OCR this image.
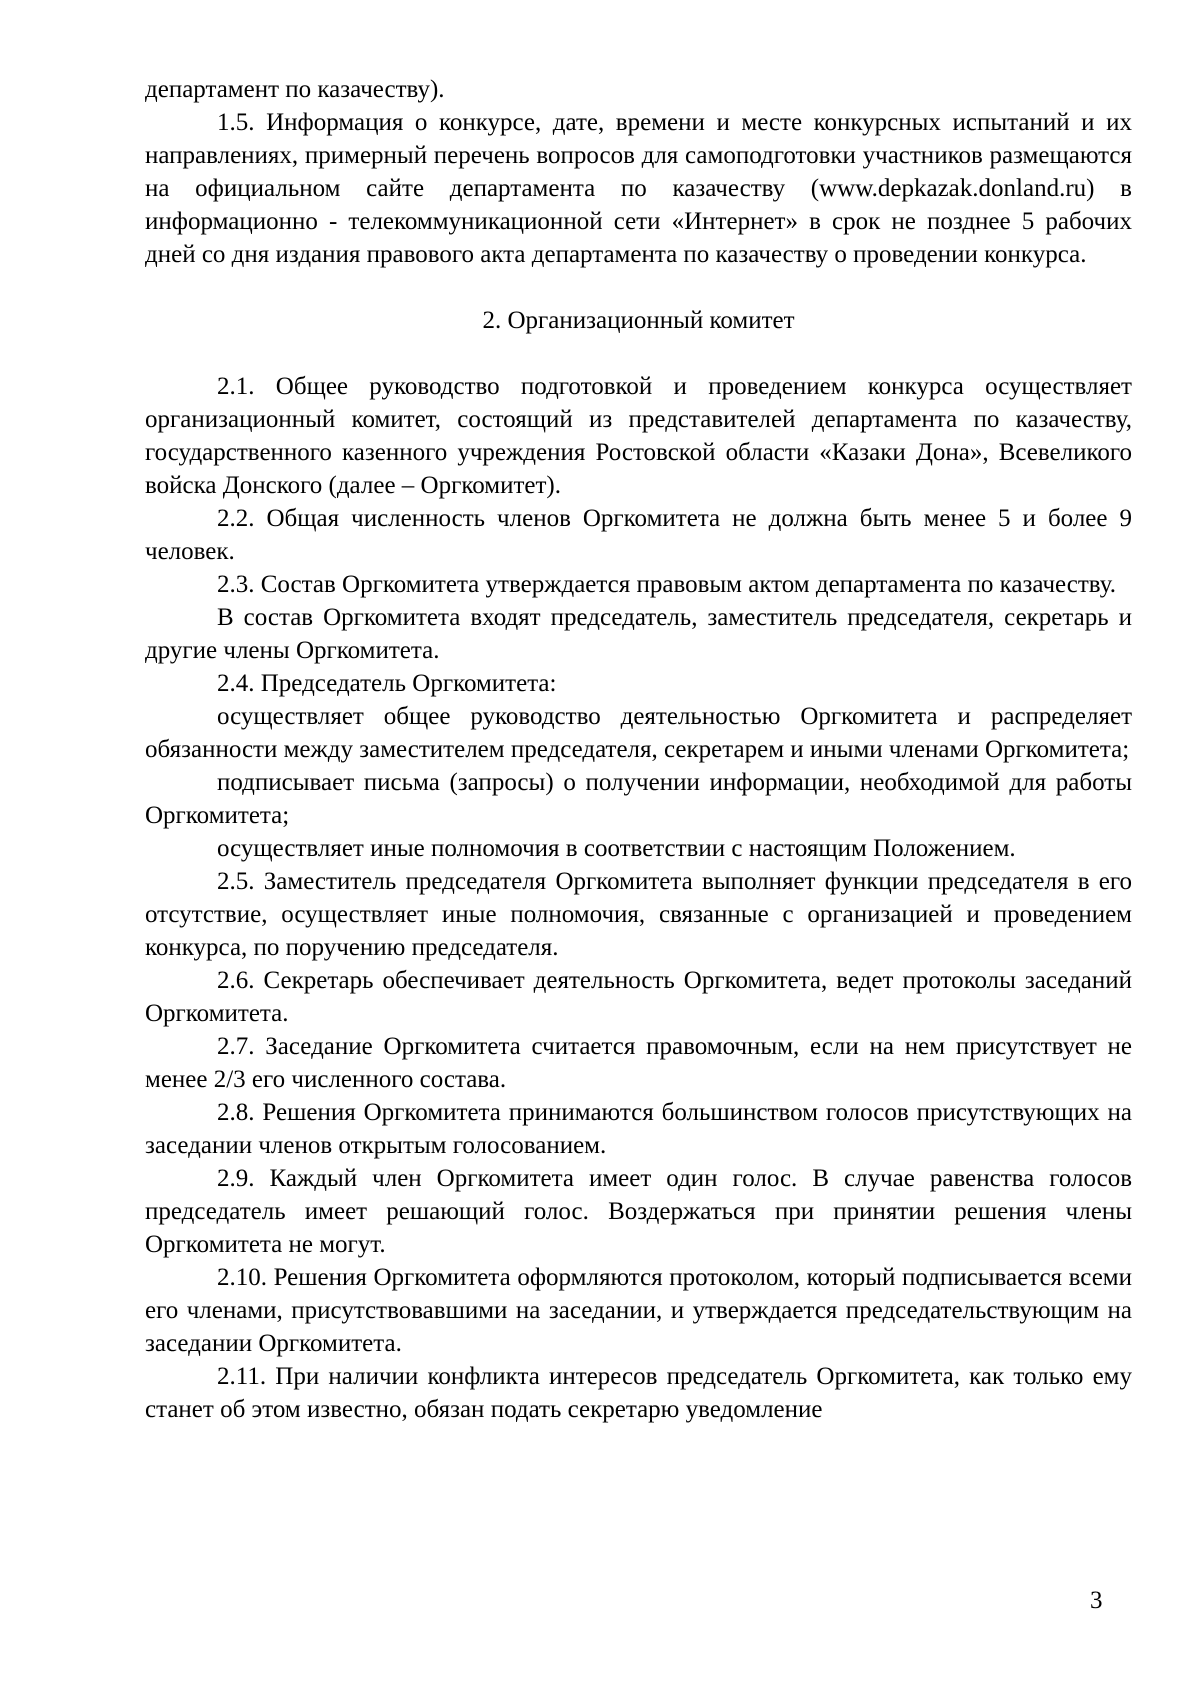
департамент по казачеству).

1.5. Информация о конкурсе, дате, времени и месте конкурсных испытаний и их направлениях, примерный перечень вопросов для самоподготовки участников размещаются на официальном сайте департамента по казачеству (www.depkazak.donland.ru) в информационно - телекоммуникационной сети «Интернет» в срок не позднее 5 рабочих дней со дня издания правового акта департамента по казачеству о проведении конкурса.

2. Организационный комитет

2.1. Общее руководство подготовкой и проведением конкурса осуществляет организационный комитет, состоящий из представителей департамента по казачеству, государственного казенного учреждения Ростовской области «Казаки Дона», Всевеликого войска Донского (далее – Оргкомитет).

2.2. Общая численность членов Оргкомитета не должна быть менее 5 и более 9 человек.

2.3. Состав Оргкомитета утверждается правовым актом департамента по казачеству.

В состав Оргкомитета входят председатель, заместитель председателя, секретарь и другие члены Оргкомитета.

2.4. Председатель Оргкомитета:

осуществляет общее руководство деятельностью Оргкомитета и распределяет обязанности между заместителем председателя, секретарем и иными членами Оргкомитета;

подписывает письма (запросы) о получении информации, необходимой для работы Оргкомитета;

осуществляет иные полномочия в соответствии с настоящим Положением.

2.5. Заместитель председателя Оргкомитета выполняет функции председателя в его отсутствие, осуществляет иные полномочия, связанные с организацией и проведением конкурса, по поручению председателя.

2.6. Секретарь обеспечивает деятельность Оргкомитета, ведет протоколы заседаний Оргкомитета.

2.7. Заседание Оргкомитета считается правомочным, если на нем присутствует не менее 2/3 его численного состава.

2.8. Решения Оргкомитета принимаются большинством голосов присутствующих на заседании членов открытым голосованием.

2.9. Каждый член Оргкомитета имеет один голос. В случае равенства голосов председатель имеет решающий голос. Воздержаться при принятии решения члены Оргкомитета не могут.

2.10. Решения Оргкомитета оформляются протоколом, который подписывается всеми его членами, присутствовавшими на заседании, и утверждается председательствующим на заседании Оргкомитета.

2.11. При наличии конфликта интересов председатель Оргкомитета, как только ему станет об этом известно, обязан подать секретарю уведомление

3
